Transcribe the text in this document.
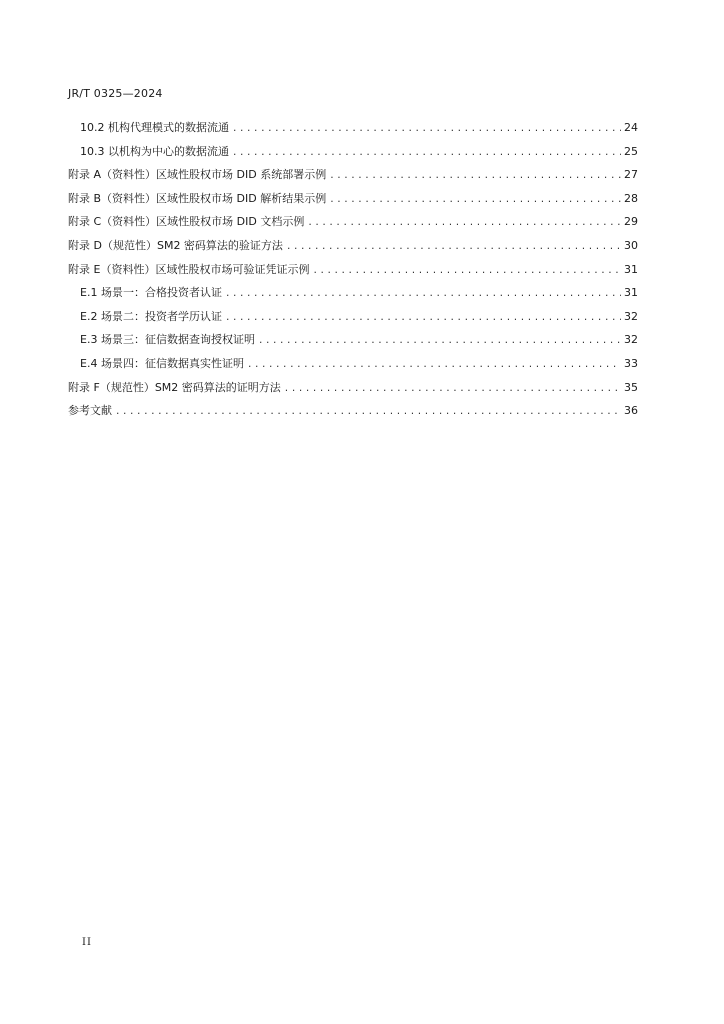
JR/T 0325—2024
10.2 机构代理模式的数据流通 .....	24
10.3 以机构为中心的数据流通 .....	25
附录 A（资料性）区域性股权市场 DID 系统部署示例 .....	27
附录 B（资料性）区域性股权市场 DID 解析结果示例 .....	28
附录 C（资料性）区域性股权市场 DID 文档示例 .....	29
附录 D（规范性）SM2 密码算法的验证方法 .....	30
附录 E（资料性）区域性股权市场可验证凭证示例 .....	31
E.1 场景一：合格投资者认证 .....	31
E.2 场景二：投资者学历认证 .....	32
E.3 场景三：征信数据查询授权证明 .....	32
E.4 场景四：征信数据真实性证明 .....	33
附录 F（规范性）SM2 密码算法的证明方法 .....	35
参考文献 .....	36
II
